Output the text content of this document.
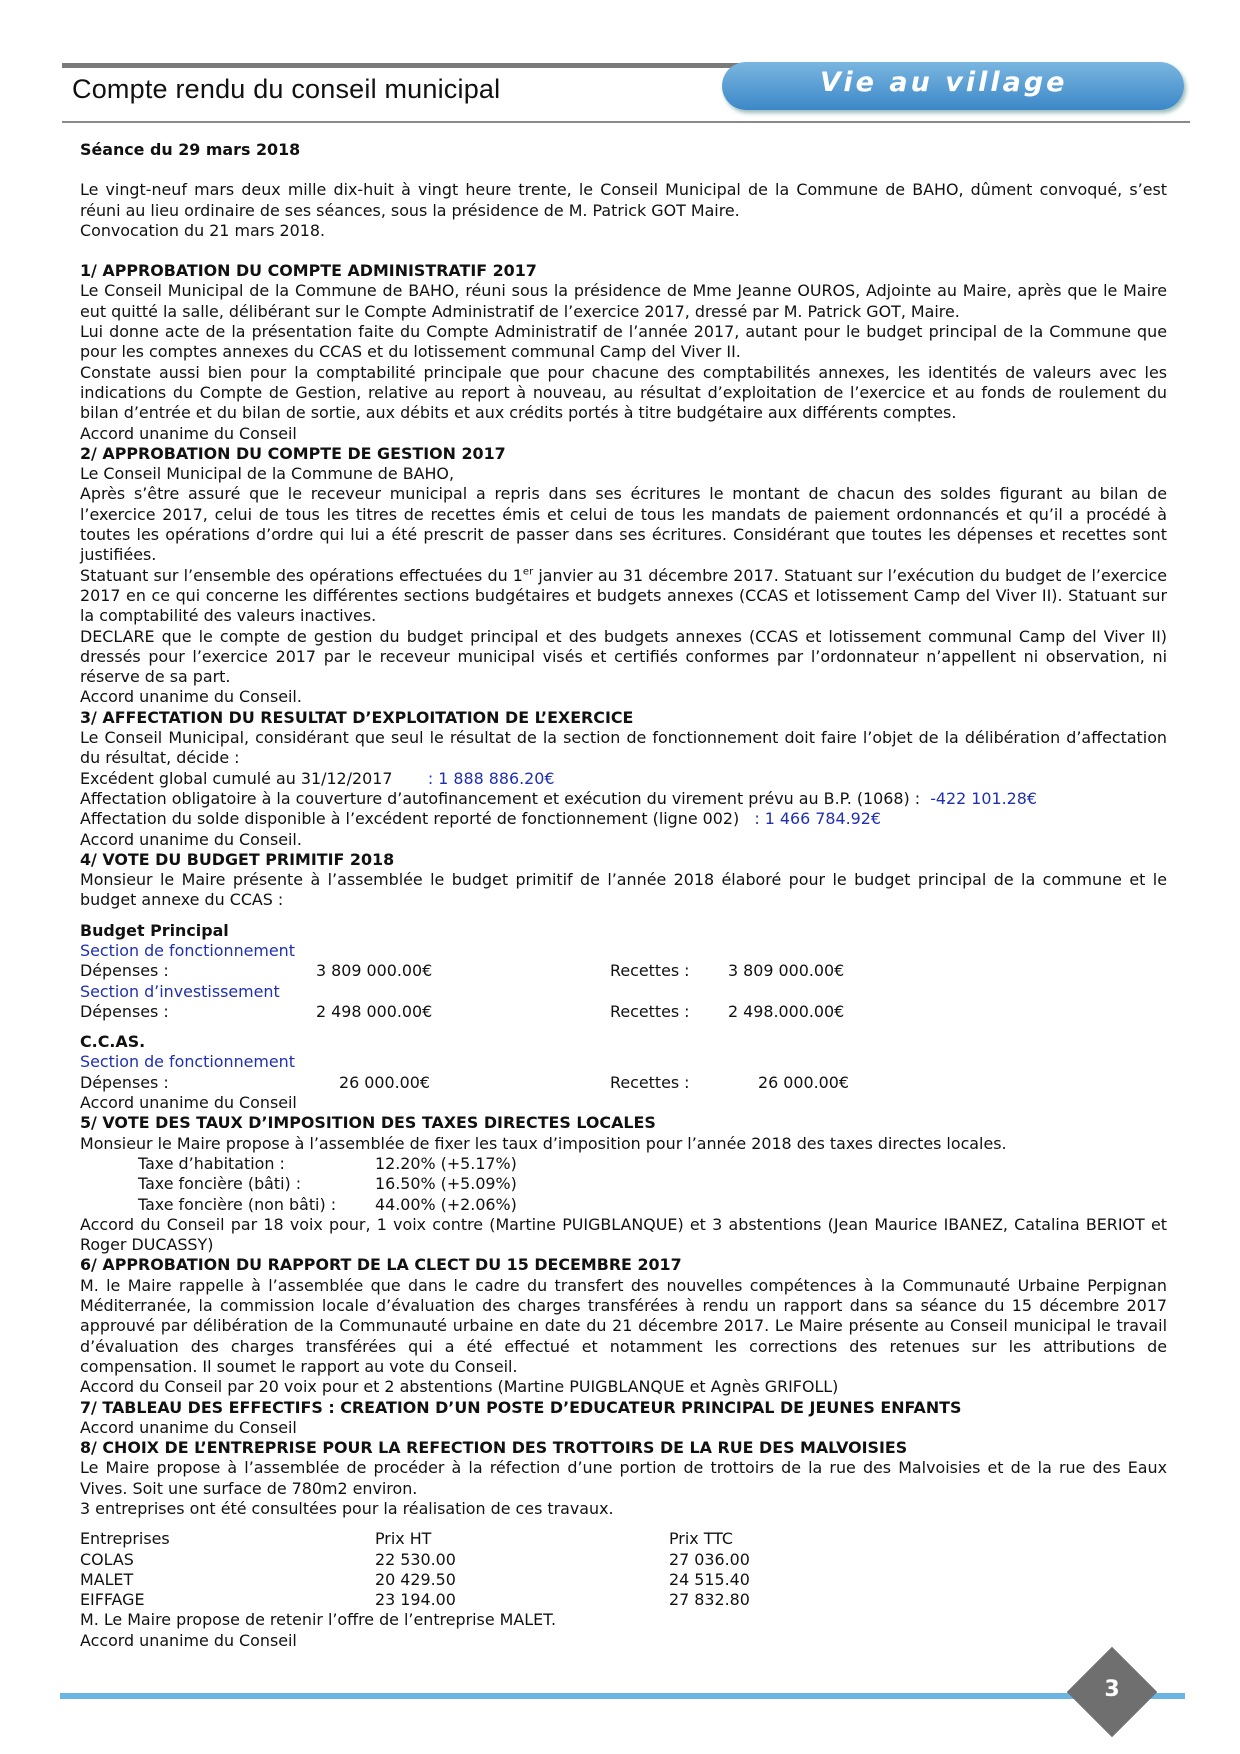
Compte rendu du conseil municipal	Vie au village

Séance du 29 mars 2018

Le vingt-neuf mars deux mille dix-huit à vingt heure trente, le Conseil Municipal de la Commune de BAHO, dûment convoqué, s’est réuni au lieu ordinaire de ses séances, sous la présidence de M. Patrick GOT Maire.

Convocation du 21 mars 2018.

1/ APPROBATION DU COMPTE ADMINISTRATIF 2017

Le Conseil Municipal de la Commune de BAHO, réuni sous la présidence de Mme Jeanne OUROS, Adjointe au Maire, après que le Maire eut quitté la salle, délibérant sur le Compte Administratif de l’exercice 2017, dressé par M. Patrick GOT, Maire.

Lui donne acte de la présentation faite du Compte Administratif de l’année 2017, autant pour le budget principal de la Commune que pour les comptes annexes du CCAS et du lotissement communal Camp del Viver II.

Constate aussi bien pour la comptabilité principale que pour chacune des comptabilités annexes, les identités de valeurs avec les indications du Compte de Gestion, relative au report à nouveau, au résultat d’exploitation de l’exercice et au fonds de roulement du bilan d’entrée et du bilan de sortie, aux débits et aux crédits portés à titre budgétaire aux différents comptes.

Accord unanime du Conseil

2/ APPROBATION DU COMPTE DE GESTION 2017

Le Conseil Municipal de la Commune de BAHO,

Après s’être assuré que le receveur municipal a repris dans ses écritures le montant de chacun des soldes figurant au bilan de l’exercice 2017, celui de tous les titres de recettes émis et celui de tous les mandats de paiement ordonnancés et qu’il a procédé à toutes les opérations d’ordre qui lui a été prescrit de passer dans ses écritures. Considérant que toutes les dépenses et recettes sont justifiées.

Statuant sur l’ensemble des opérations effectuées du 1er janvier au 31 décembre 2017. Statuant sur l’exécution du budget de l’exercice 2017 en ce qui concerne les différentes sections budgétaires et budgets annexes (CCAS et lotissement Camp del Viver II). Statuant sur la comptabilité des valeurs inactives.

DECLARE que le compte de gestion du budget principal et des budgets annexes (CCAS et lotissement communal Camp del Viver II) dressés pour l’exercice 2017 par le receveur municipal visés et certifiés conformes par l’ordonnateur n’appellent ni observation, ni réserve de sa part.

Accord unanime du Conseil.

3/ AFFECTATION DU RESULTAT D’EXPLOITATION DE L’EXERCICE

Le Conseil Municipal, considérant que seul le résultat de la section de fonctionnement doit faire l’objet de la délibération d’affectation du résultat, décide :

Excédent global cumulé au 31/12/2017 : 1 888 886.20€

Affectation obligatoire à la couverture d’autofinancement et exécution du virement prévu au B.P. (1068) : -422 101.28€

Affectation du solde disponible à l’excédent reporté de fonctionnement (ligne 002) : 1 466 784.92€

Accord unanime du Conseil.

4/ VOTE DU BUDGET PRIMITIF 2018

Monsieur le Maire présente à l’assemblée le budget primitif de l’année 2018 élaboré pour le budget principal de la commune et le budget annexe du CCAS :

Budget Principal

Section de fonctionnement

Dépenses :	3 809 000.00€	Recettes : 3 809 000.00€

Section d’investissement

Dépenses :	2 498 000.00€	Recettes : 2 498.000.00€

C.C.AS.

Section de fonctionnement

Dépenses :	26 000.00€	Recettes :	26 000.00€

Accord unanime du Conseil

5/ VOTE DES TAUX D’IMPOSITION DES TAXES DIRECTES LOCALES

Monsieur le Maire propose à l’assemblée de fixer les taux d’imposition pour l’année 2018 des taxes directes locales.

Taxe d’habitation :	12.20% (+5.17%)
Taxe foncière (bâti) :	16.50% (+5.09%)
Taxe foncière (non bâti) : 44.00% (+2.06%)

Accord du Conseil par 18 voix pour, 1 voix contre (Martine PUIGBLANQUE) et 3 abstentions (Jean Maurice IBANEZ, Catalina BERIOT et Roger DUCASSY)

6/ APPROBATION DU RAPPORT DE LA CLECT DU 15 DECEMBRE 2017

M. le Maire rappelle à l’assemblée que dans le cadre du transfert des nouvelles compétences à la Communauté Urbaine Perpignan Méditerranée, la commission locale d’évaluation des charges transférées à rendu un rapport dans sa séance du 15 décembre 2017 approuvé par délibération de la Communauté urbaine en date du 21 décembre 2017. Le Maire présente au Conseil municipal le travail d’évaluation des charges transférées qui a été effectué et notamment les corrections des retenues sur les attributions de compensation. Il soumet le rapport au vote du Conseil.

Accord du Conseil par 20 voix pour et 2 abstentions (Martine PUIGBLANQUE et Agnès GRIFOLL)

7/ TABLEAU DES EFFECTIFS : CREATION D’UN POSTE D’EDUCATEUR PRINCIPAL DE JEUNES ENFANTS

Accord unanime du Conseil

8/ CHOIX DE L’ENTREPRISE POUR LA REFECTION DES TROTTOIRS DE LA RUE DES MALVOISIES

Le Maire propose à l’assemblée de procéder à la réfection d’une portion de trottoirs de la rue des Malvoisies et de la rue des Eaux Vives. Soit une surface de 780m2 environ.

3 entreprises ont été consultées pour la réalisation de ces travaux.

Entreprises	Prix HT	Prix TTC
COLAS	22 530.00	27 036.00
MALET	20 429.50	24 515.40
EIFFAGE	23 194.00	27 832.80

M. Le Maire propose de retenir l’offre de l’entreprise MALET.

Accord unanime du Conseil

3
